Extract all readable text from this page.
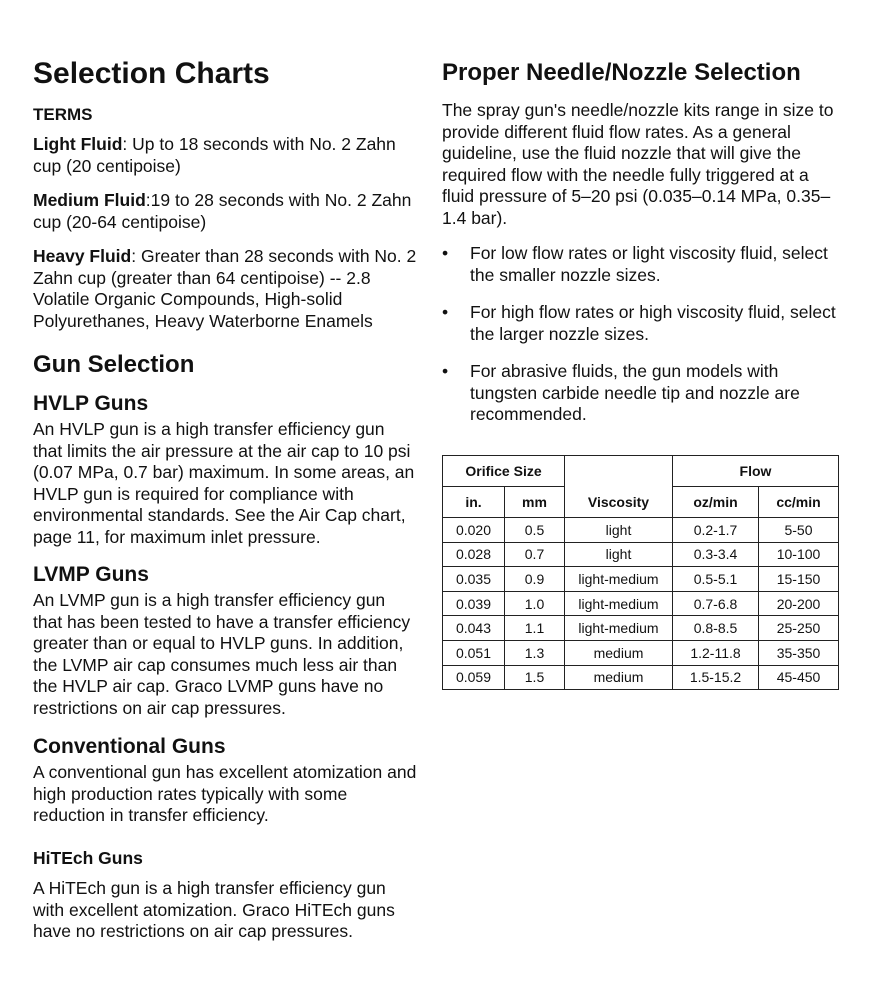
Selection Charts
TERMS

Light Fluid: Up to 18 seconds with No. 2 Zahn cup (20 centipoise)

Medium Fluid:19 to 28 seconds with No. 2 Zahn cup (20-64 centipoise)

Heavy Fluid: Greater than 28 seconds with No. 2 Zahn cup (greater than 64 centipoise) -- 2.8 Volatile Organic Compounds, High-solid Polyurethanes, Heavy Waterborne Enamels

Gun Selection
HVLP Guns

An HVLP gun is a high transfer efficiency gun that limits the air pressure at the air cap to 10 psi (0.07 MPa, 0.7 bar) maximum. In some areas, an HVLP gun is required for compliance with environmental standards. See the Air Cap chart, page 11, for maximum inlet pressure.

LVMP Guns

An LVMP gun is a high transfer efficiency gun that has been tested to have a transfer efficiency greater than or equal to HVLP guns. In addition, the LVMP air cap consumes much less air than the HVLP air cap. Graco LVMP guns have no restrictions on air cap pressures.

Conventional Guns

A conventional gun has excellent atomization and high production rates typically with some reduction in transfer efficiency.

HiTEch Guns

A HiTEch gun is a high transfer efficiency gun with excellent atomization. Graco HiTEch guns have no restrictions on air cap pressures.

Proper Needle/Nozzle Selection

The spray gun's needle/nozzle kits range in size to provide different fluid flow rates. As a general guideline, use the fluid nozzle that will give the required flow with the needle fully triggered at a fluid pressure of 5–20 psi (0.035–0.14 MPa, 0.35–1.4 bar).

• For low flow rates or light viscosity fluid, select the smaller nozzle sizes.
• For high flow rates or high viscosity fluid, select the larger nozzle sizes.
• For abrasive fluids, the gun models with tungsten carbide needle tip and nozzle are recommended.
Orifice Size		Viscosity	Flow	
in.	mm		oz/min	cc/min
0.020	0.5	light	0.2-1.7	5-50
0.028	0.7	light	0.3-3.4	10-100
0.035	0.9	light-medium	0.5-5.1	15-150
0.039	1.0	light-medium	0.7-6.8	20-200
0.043	1.1	light-medium	0.8-8.5	25-250
0.051	1.3	medium	1.2-11.8	35-350
0.059	1.5	medium	1.5-15.2	45-450
